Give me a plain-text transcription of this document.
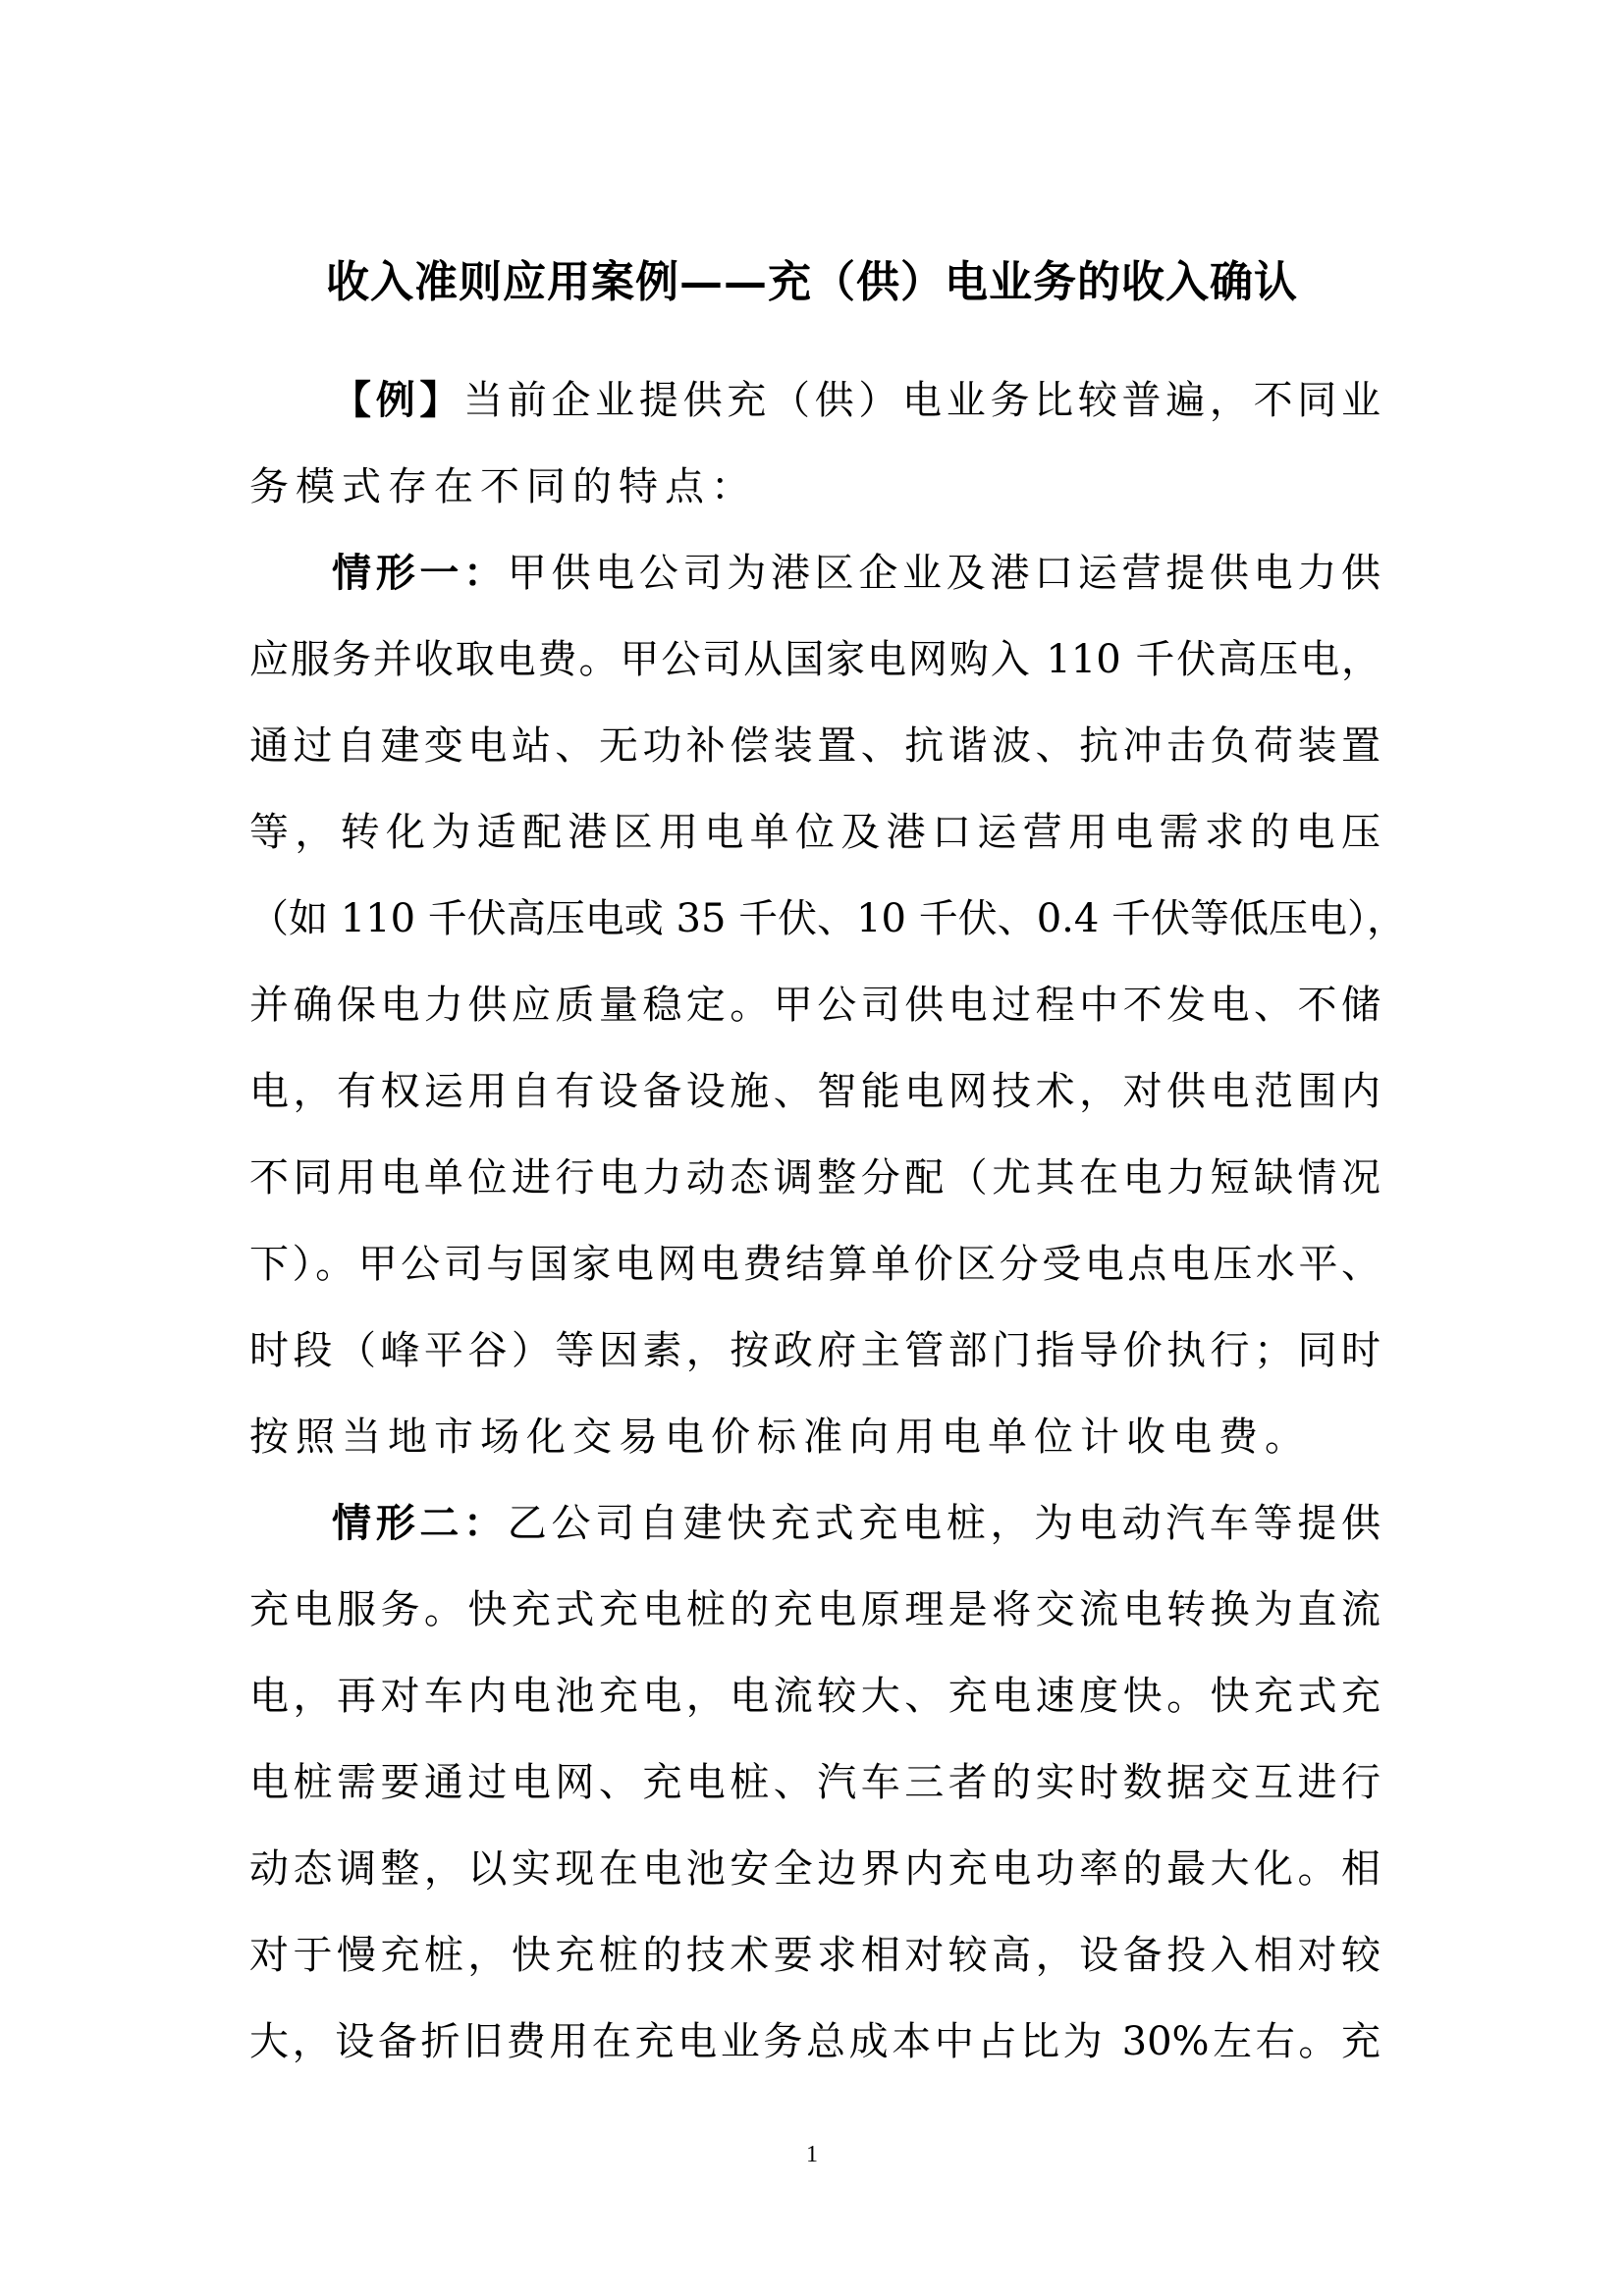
收入准则应用案例——充（供）电业务的收入确认
【例】当前企业提供充（供）电业务比较普遍，不同业
务模式存在不同的特点：
情形一：甲供电公司为港区企业及港口运营提供电力供
应服务并收取电费。甲公司从国家电网购入 110 千伏高压电，
通过自建变电站、无功补偿装置、抗谐波、抗冲击负荷装置
等，转化为适配港区用电单位及港口运营用电需求的电压
（如 110 千伏高压电或 35 千伏、10 千伏、0.4 千伏等低压电），
并确保电力供应质量稳定。甲公司供电过程中不发电、不储
电，有权运用自有设备设施、智能电网技术，对供电范围内
不同用电单位进行电力动态调整分配（尤其在电力短缺情况
下）。甲公司与国家电网电费结算单价区分受电点电压水平、
时段（峰平谷）等因素，按政府主管部门指导价执行；同时
按照当地市场化交易电价标准向用电单位计收电费。
情形二：乙公司自建快充式充电桩，为电动汽车等提供
充电服务。快充式充电桩的充电原理是将交流电转换为直流
电，再对车内电池充电，电流较大、充电速度快。快充式充
电桩需要通过电网、充电桩、汽车三者的实时数据交互进行
动态调整，以实现在电池安全边界内充电功率的最大化。相
对于慢充桩，快充桩的技术要求相对较高，设备投入相对较
大，设备折旧费用在充电业务总成本中占比为 30%左右。充
1
